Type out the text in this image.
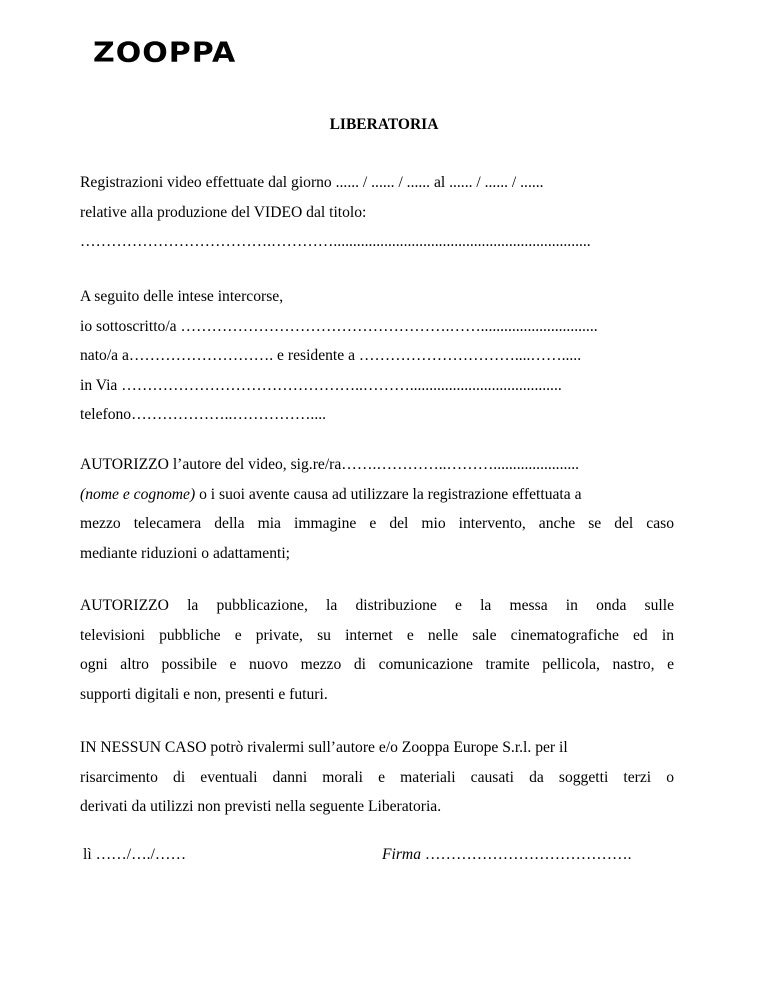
ZOOPPA
LIBERATORIA
Registrazioni video effettuate dal giorno ...... / ...... / ...... al ...... / ...... / ......
relative alla produzione del VIDEO dal titolo:
……………………………….…………..................................................................
A seguito delle intese intercorse,
io sottoscritto/a …………………………………………….……..............................
nato/a a………………………. e residente a …………………………....…….....
in Via ………………………………………..……….......................................
telefono………………..……………....
AUTORIZZO l’autore del video, sig.re/ra…….…………..………......................
(nome e cognome) o i suoi avente causa ad utilizzare la registrazione effettuata a
mezzo telecamera della mia immagine e del mio intervento, anche se del caso
mediante riduzioni o adattamenti;
AUTORIZZO la pubblicazione, la distribuzione e la messa in onda sulle
televisioni pubbliche e private, su internet e nelle sale cinematografiche ed in
ogni altro possibile e nuovo mezzo di comunicazione tramite pellicola, nastro, e
supporti digitali e non, presenti e futuri.
IN NESSUN CASO potrò rivalermi sull’autore e/o Zooppa Europe S.r.l. per il
risarcimento di eventuali danni morali e materiali causati da soggetti terzi o
derivati da utilizzi non previsti nella seguente Liberatoria.
lì ……/…./……	Firma ………………………………….
